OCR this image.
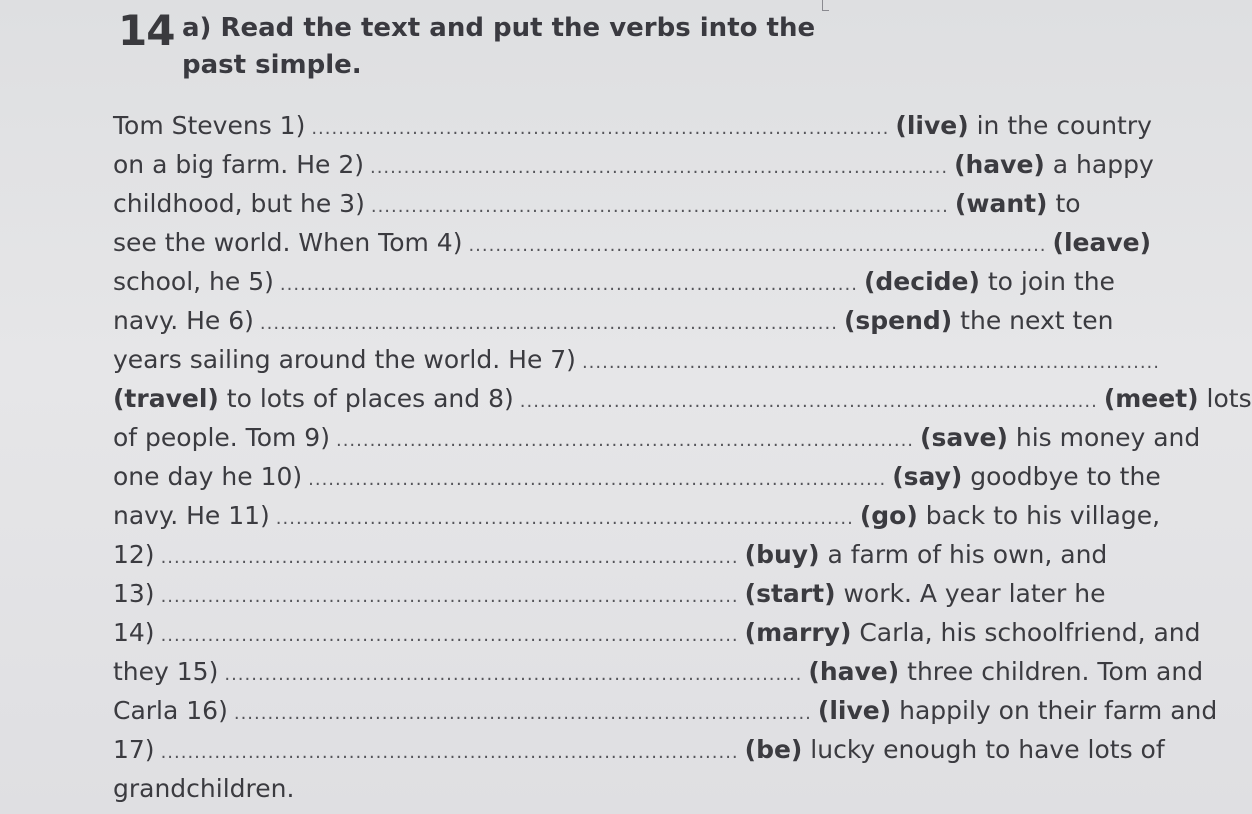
14 a) Read the text and put the verbs into the
past simple.
Tom Stevens 1) ...................................................................................... (live) in the country
on a big farm. He 2) ...................................................................................... (have) a happy
childhood, but he 3) ...................................................................................... (want) to
see the world. When Tom 4) ...................................................................................... (leave)
school, he 5) ...................................................................................... (decide) to join the
navy. He 6) ...................................................................................... (spend) the next ten
years sailing around the world. He 7) ......................................................................................
(travel) to lots of places and 8) ...................................................................................... (meet) lots
of people. Tom 9) ...................................................................................... (save) his money and
one day he 10) ...................................................................................... (say) goodbye to the
navy. He 11) ...................................................................................... (go) back to his village,
12) ...................................................................................... (buy) a farm of his own, and
13) ...................................................................................... (start) work. A year later he
14) ...................................................................................... (marry) Carla, his schoolfriend, and
they 15) ...................................................................................... (have) three children. Tom and
Carla 16) ...................................................................................... (live) happily on their farm and
17) ...................................................................................... (be) lucky enough to have lots of
grandchildren.
